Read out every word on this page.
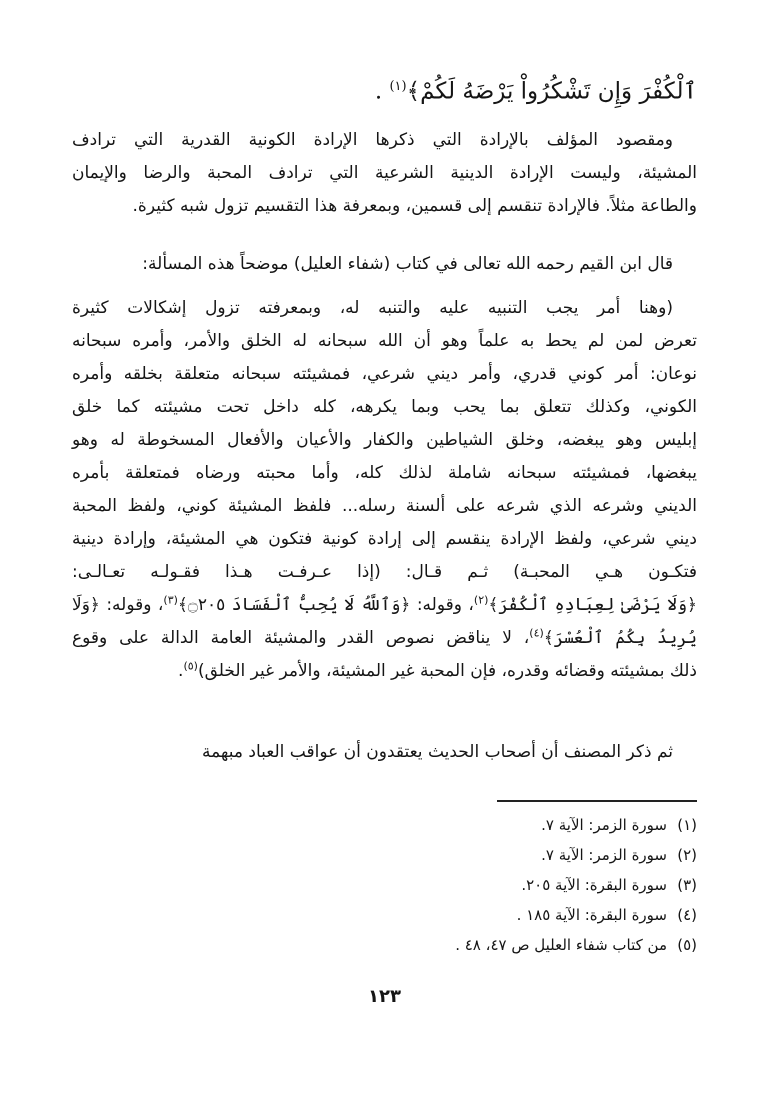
ٱلْكُفْرَ وَإِن تَشْكُرُواْ يَرْضَهُ لَكُمْ﴾$^{(١)}$ .
ومقصود المؤلف بالإرادة التي ذكرها الإرادة الكونية القدرية التي ترادف
المشيئة، وليست الإرادة الدينية الشرعية التي ترادف المحبة والرضا والإيمان
والطاعة مثلاً. فالإرادة تنقسم إلى قسمين، وبمعرفة هذا التقسيم تزول شبه كثيرة.
قال ابن القيم رحمه الله تعالى في كتاب (شفاء العليل) موضحاً هذه المسألة:
(وهنا أمر يجب التنبيه عليه والتنبه له، وبمعرفته تزول إشكالات كثيرة
تعرض لمن لم يحط به علماً وهو أن الله سبحانه له الخلق والأمر، وأمره سبحانه
نوعان: أمر كوني قدري، وأمر ديني شرعي، فمشيئته سبحانه متعلقة بخلقه وأمره
الكوني، وكذلك تتعلق بما يحب وبما يكرهه، كله داخل تحت مشيئته كما خلق
إبليس وهو يبغضه، وخلق الشياطين والكفار والأعيان والأفعال المسخوطة له وهو
يبغضها، فمشيئته سبحانه شاملة لذلك كله، وأما محبته ورضاه فمتعلقة بأمره
الديني وشرعه الذي شرعه على ألسنة رسله... فلفظ المشيئة كوني، ولفظ المحبة
ديني شرعي، ولفظ الإرادة ينقسم إلى إرادة كونية فتكون هي المشيئة، وإرادة دينية
فتكـون هـي المحبـة) ثـم قـال: (إذا عـرفـت هـذا فقـولـه تعـالـى:
﴿وَلَا يَرْضَىٰ لِعِبَادِهِ ٱلْكُفْرَ﴾$^{(٢)}$، وقوله: ﴿وَٱللَّهُ لَا يُحِبُّ ٱلْفَسَادَ ۝٢٠٥﴾$^{(٣)}$، وقوله: ﴿وَلَا
يُرِيدُ بِكُمُ ٱلْعُسْرَ﴾$^{(٤)}$، لا يناقض نصوص القدر والمشيئة العامة الدالة على وقوع
ذلك بمشيئته وقضائه وقدره، فإن المحبة غير المشيئة، والأمر غير الخلق)$^{(٥)}$.
ثم ذكر المصنف أن أصحاب الحديث يعتقدون أن عواقب العباد مبهمة
(١)سورة الزمر: الآية ٧.
(٢)سورة الزمر: الآية ٧.
(٣)سورة البقرة: الآية ٢٠٥.
(٤)سورة البقرة: الآية ١٨٥ .
(٥)من كتاب شفاء العليل ص ٤٧، ٤٨ .
١٢٣
